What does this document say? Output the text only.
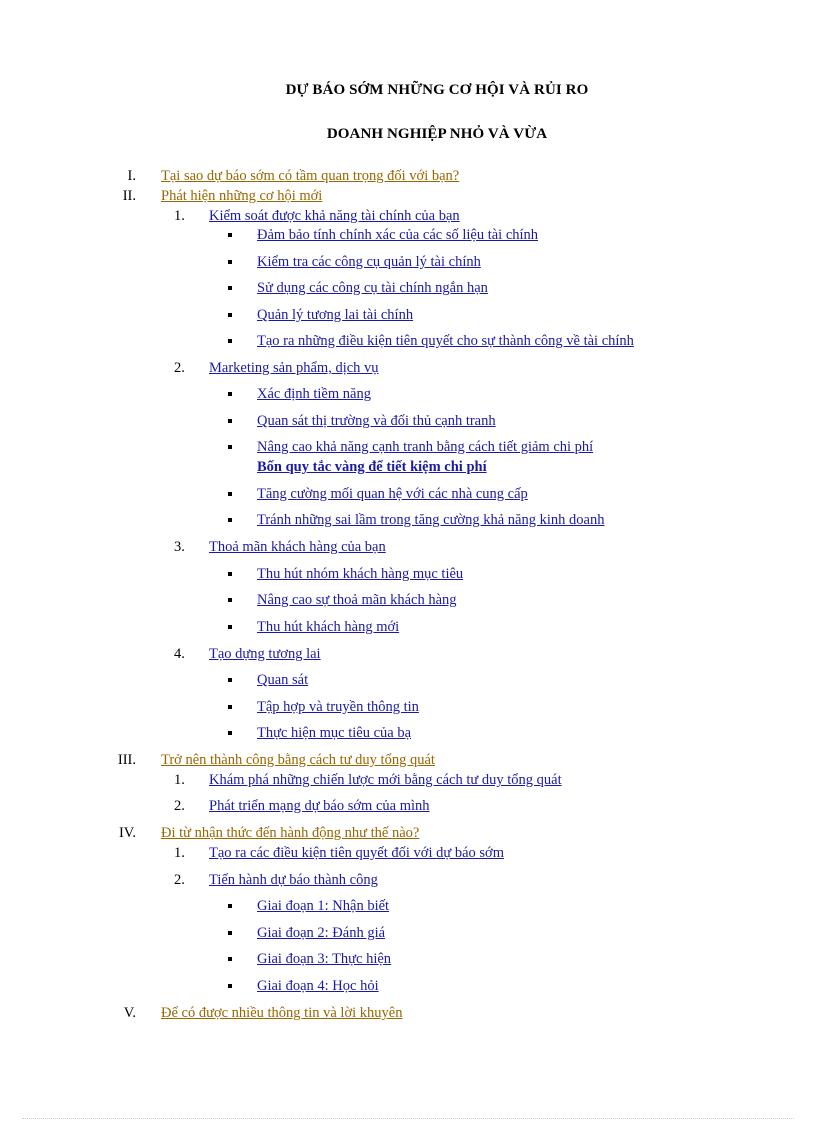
DỰ BÁO SỚM NHỮNG CƠ HỘI VÀ RỦI RO
DOANH NGHIỆP NHỎ VÀ VỪA
I. Tại sao dự báo sớm có tầm quan trọng đối với bạn?
II. Phát hiện những cơ hội mới
1. Kiểm soát được khả năng tài chính của bạn
Đảm bảo tính chính xác của các số liệu tài chính
Kiểm tra các công cụ quản lý tài chính
Sử dụng các công cụ tài chính ngắn hạn
Quản lý tương lai tài chính
Tạo ra những điều kiện tiên quyết cho sự thành công về tài chính
2. Marketing sản phẩm, dịch vụ
Xác định tiềm năng
Quan sát thị trường và đối thủ cạnh tranh
Nâng cao khả năng cạnh tranh bằng cách tiết giảm chi phí
Bốn quy tắc vàng để tiết kiệm chi phí
Tăng cường mối quan hệ với các nhà cung cấp
Tránh những sai lầm trong tăng cường khả năng kinh doanh
3. Thoả mãn khách hàng của bạn
Thu hút nhóm khách hàng mục tiêu
Nâng cao sự thoả mãn khách hàng
Thu hút khách hàng mới
4. Tạo dựng tương lai
Quan sát
Tập hợp và truyền thông tin
Thực hiện mục tiêu của bạ
III. Trở nên thành công bằng cách tư duy tổng quát
1. Khám phá những chiến lược mới bằng cách tư duy tổng quát
2. Phát triển mạng dự báo sớm của mình
IV. Đi từ nhận thức đến hành động như thế nào?
1. Tạo ra các điều kiện tiên quyết đối với dự báo sớm
2. Tiến hành dự báo thành công
Giai đoạn 1: Nhận biết
Giai đoạn 2: Đánh giá
Giai đoạn 3: Thực hiện
Giai đoạn 4: Học hỏi
V. Để có được nhiều thông tin và lời khuyên
